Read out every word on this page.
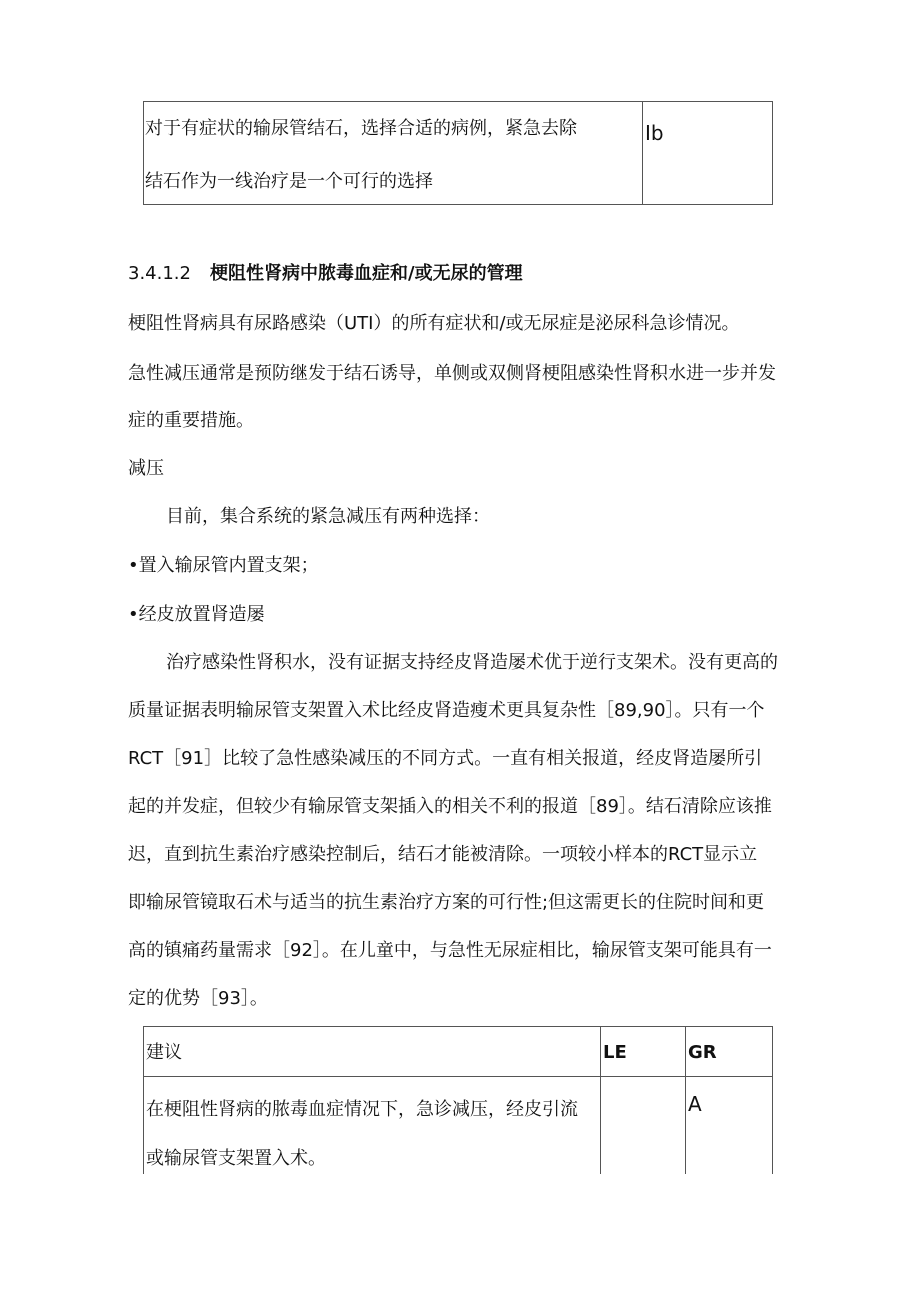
对于有症状的输尿管结石，选择合适的病例，紧急去除
结石作为一线治疗是一个可行的选择
Ib
3.4.1.2 梗阻性肾病中脓毒血症和/或无尿的管理
梗阻性肾病具有尿路感染（UTI）的所有症状和/或无尿症是泌尿科急诊情况。
急性减压通常是预防继发于结石诱导，单侧或双侧肾梗阻感染性肾积水进一步并发
症的重要措施。
减压
目前，集合系统的紧急减压有两种选择：
•置入输尿管内置支架；
•经皮放置肾造屡
治疗感染性肾积水，没有证据支持经皮肾造屡术优于逆行支架术。没有更高的
质量证据表明输尿管支架置入术比经皮肾造瘦术更具复杂性［89,90］。只有一个
RCT［91］比较了急性感染减压的不同方式。一直有相关报道，经皮肾造屡所引
起的并发症，但较少有输尿管支架插入的相关不利的报道［89］。结石清除应该推
迟，直到抗生素治疗感染控制后，结石才能被清除。一项较小样本的RCT显示立
即输尿管镜取石术与适当的抗生素治疗方案的可行性;但这需更长的住院时间和更
高的镇痛药量需求［92］。在儿童中，与急性无尿症相比，输尿管支架可能具有一
定的优势［93］。
建议	LE	GR
在梗阻性肾病的脓毒血症情况下，急诊减压，经皮引流
或输尿管支架置入术。
A
